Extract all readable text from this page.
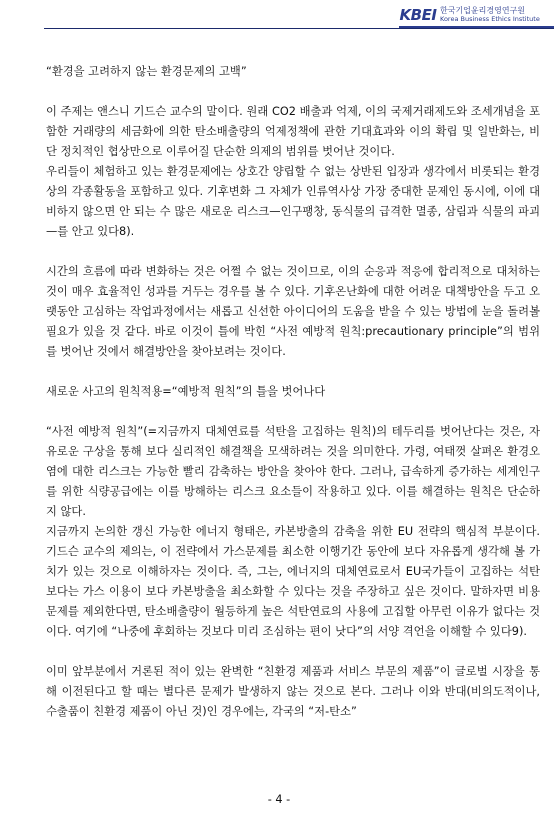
KBEI 한국기업윤리경영연구원
Korea Business Ethics Institute

“환경을 고려하지 않는 환경문제의 고백”

이 주제는 앤스니 기드슨 교수의 말이다. 원래 CO2 배출과 억제, 이의 국제거래제도와 조세개념을 포함한 거래량의 세금화에 의한 탄소배출량의 억제정책에 관한 기대효과와 이의 확립 및 일반화는, 비단 정치적인 협상만으로 이루어질 단순한 의제의 범위를 벗어난 것이다.

우리들이 체험하고 있는 환경문제에는 상호간 양립할 수 없는 상반된 입장과 생각에서 비롯되는 환경상의 각종활동을 포함하고 있다. 기후변화 그 자체가 인류역사상 가장 중대한 문제인 동시에, 이에 대비하지 않으면 안 되는 수 많은 새로운 리스크—인구팽창, 동식물의 급격한 멸종, 삼림과 식물의 파괴—를 안고 있다8).

시간의 흐름에 따라 변화하는 것은 어쩔 수 없는 것이므로, 이의 순응과 적응에 합리적으로 대처하는 것이 매우 효율적인 성과를 거두는 경우를 볼 수 있다. 기후온난화에 대한 어려운 대책방안을 두고 오랫동안 고심하는 작업과정에서는 새롭고 신선한 아이디어의 도움을 받을 수 있는 방법에 눈을 돌려볼 필요가 있을 것 같다. 바로 이것이 틀에 박힌 “사전 예방적 원칙:precautionary principle”의 범위를 벗어난 것에서 해결방안을 찾아보려는 것이다.

새로운 사고의 원칙적용=“예방적 원칙”의 틀을 벗어나다

“사전 예방적 원칙”(=지금까지 대체연료를 석탄을 고집하는 원칙)의 테두리를 벗어난다는 것은, 자유로운 구상을 통해 보다 실리적인 해결책을 모색하려는 것을 의미한다. 가령, 여태껏 살펴온 환경오염에 대한 리스크는 가능한 빨리 감축하는 방안을 찾아야 한다. 그러나, 급속하게 증가하는 세계인구를 위한 식량공급에는 이를 방해하는 리스크 요소들이 작용하고 있다. 이를 해결하는 원칙은 단순하지 않다.

지금까지 논의한 갱신 가능한 에너지 형태은, 카본방출의 감축을 위한 EU 전략의 핵심적 부분이다. 기드슨 교수의 제의는, 이 전략에서 가스문제를 최소한 이행기간 동안에 보다 자유롭게 생각해 볼 가치가 있는 것으로 이해하자는 것이다. 즉, 그는, 에너지의 대체연료로서 EU국가들이 고집하는 석탄 보다는 가스 이용이 보다 카본방출을 최소화할 수 있다는 것을 주장하고 싶은 것이다. 말하자면 비용문제를 제외한다면, 탄소배출량이 월등하게 높은 석탄연료의 사용에 고집할 아무런 이유가 없다는 것이다. 여기에 “나중에 후회하는 것보다 미리 조심하는 편이 낫다”의 서양 격언을 이해할 수 있다9).

이미 앞부분에서 거론된 적이 있는 완벽한 “친환경 제품과 서비스 부문의 제품”이 글로벌 시장을 통해 이전된다고 할 때는 별다른 문제가 발생하지 않는 것으로 본다. 그러나 이와 반대(비의도적이나, 수출품이 친환경 제품이 아닌 것)인 경우에는, 각국의 “저-탄소”

- 4 -
